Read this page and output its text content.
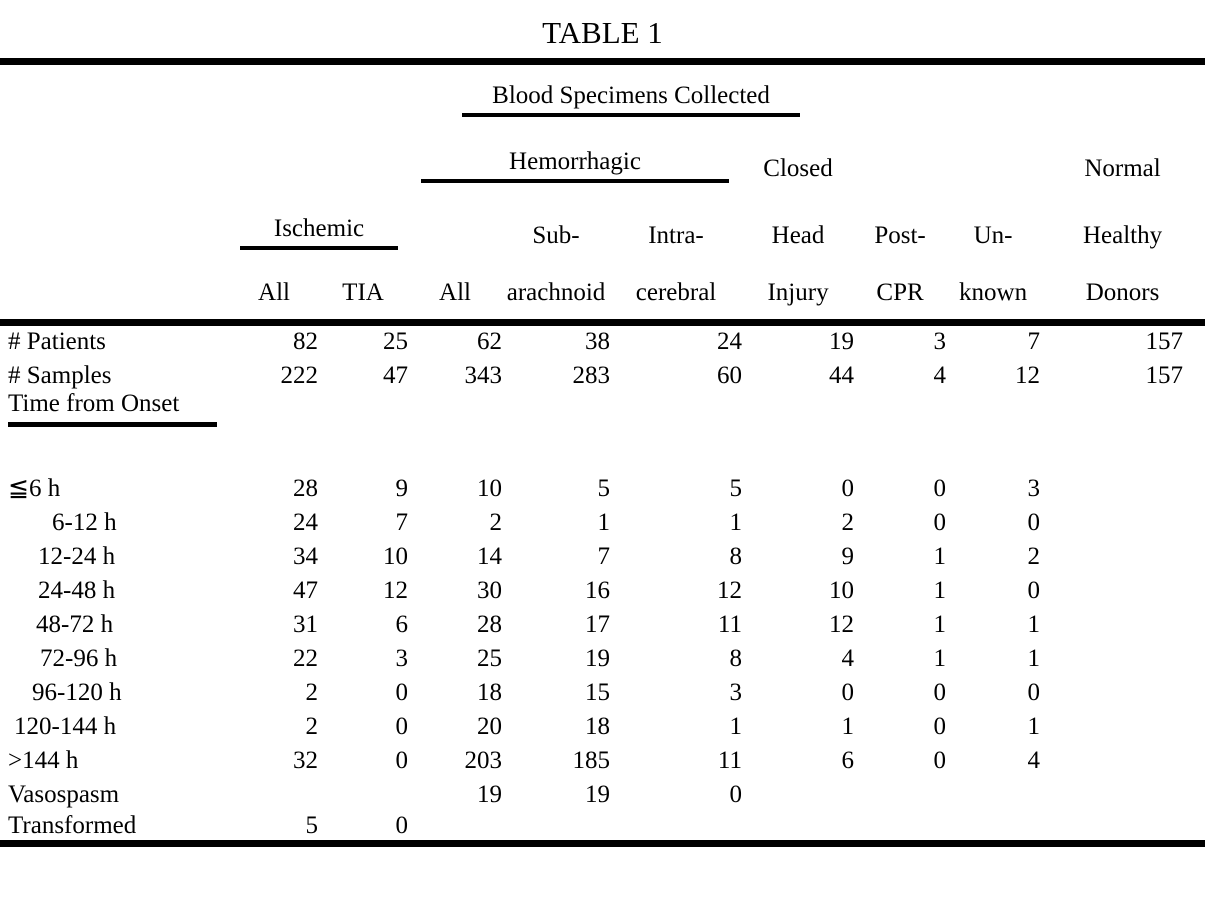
TABLE 1
			Blood Specimens Collected						
			Hemorrhagic			Closed			Normal
	Ischemic			Sub-	Intra-	Head	Post-	Un-	Healthy
	All	TIA	All	arachnoid	cerebral	Injury	CPR	known	Donors
# Patients	82	25	62	38	24	19	3	7	157
# Samples	222	47	343	283	60	44	4	12	157
Time from Onset									
≦6 h	28	9	10	5	5	0	0	3	
6-12 h	24	7	2	1	1	2	0	0	
12-24 h	34	10	14	7	8	9	1	2	
24-48 h	47	12	30	16	12	10	1	0	
48-72 h	31	6	28	17	11	12	1	1	
72-96 h	22	3	25	19	8	4	1	1	
96-120 h	2	0	18	15	3	0	0	0	
120-144 h	2	0	20	18	1	1	0	1	
>144 h	32	0	203	185	11	6	0	4	
Vasospasm			19	19	0				
Transformed	5	0							
